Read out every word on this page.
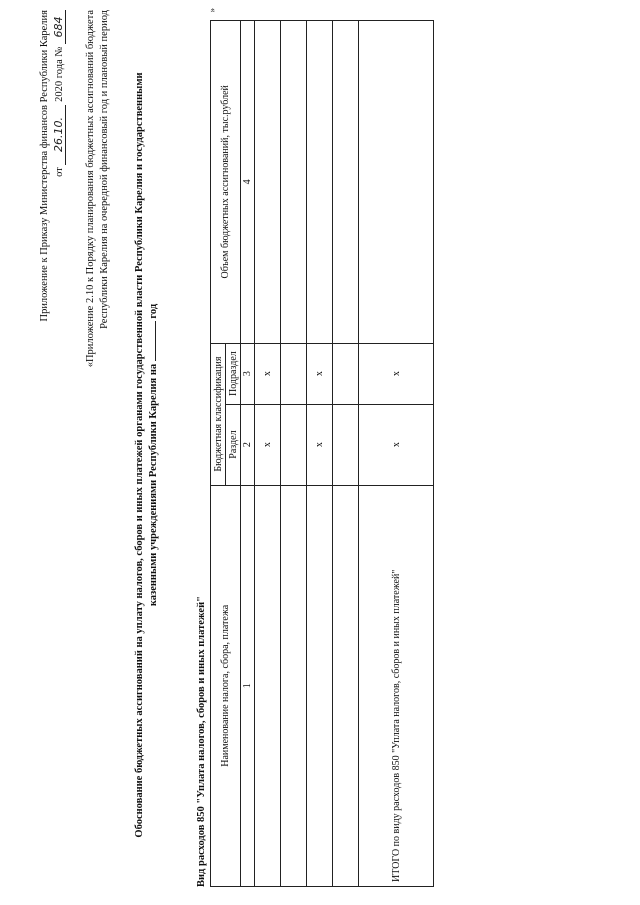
Приложение к Приказу Министерства финансов Республики Карелия от 26.10. 2020 года № 684 «Приложение 2.10 к Порядку планирования бюджетных ассигнований бюджета Республики Карелия на очередной финансовый год и плановый период Обоснование бюджетных ассигнований на уплату налогов, сборов и иных платежей органами государственной власти Республики Карелия и государственными казенными учреждениями Республики Карелия на  год
Вид расходов 850 "Уплата налогов, сборов и иных платежей"
»
Наименование налога, сбора, платежа	Бюджетная классификация		Объем бюджетных ассигнований, тыс.рублей
	Раздел	Подраздел	
1	2	3	4
	x	x	

	x	x	

ИТОГО по виду расходов 850 "Уплата налогов, сборов и иных платежей"	x	x	
